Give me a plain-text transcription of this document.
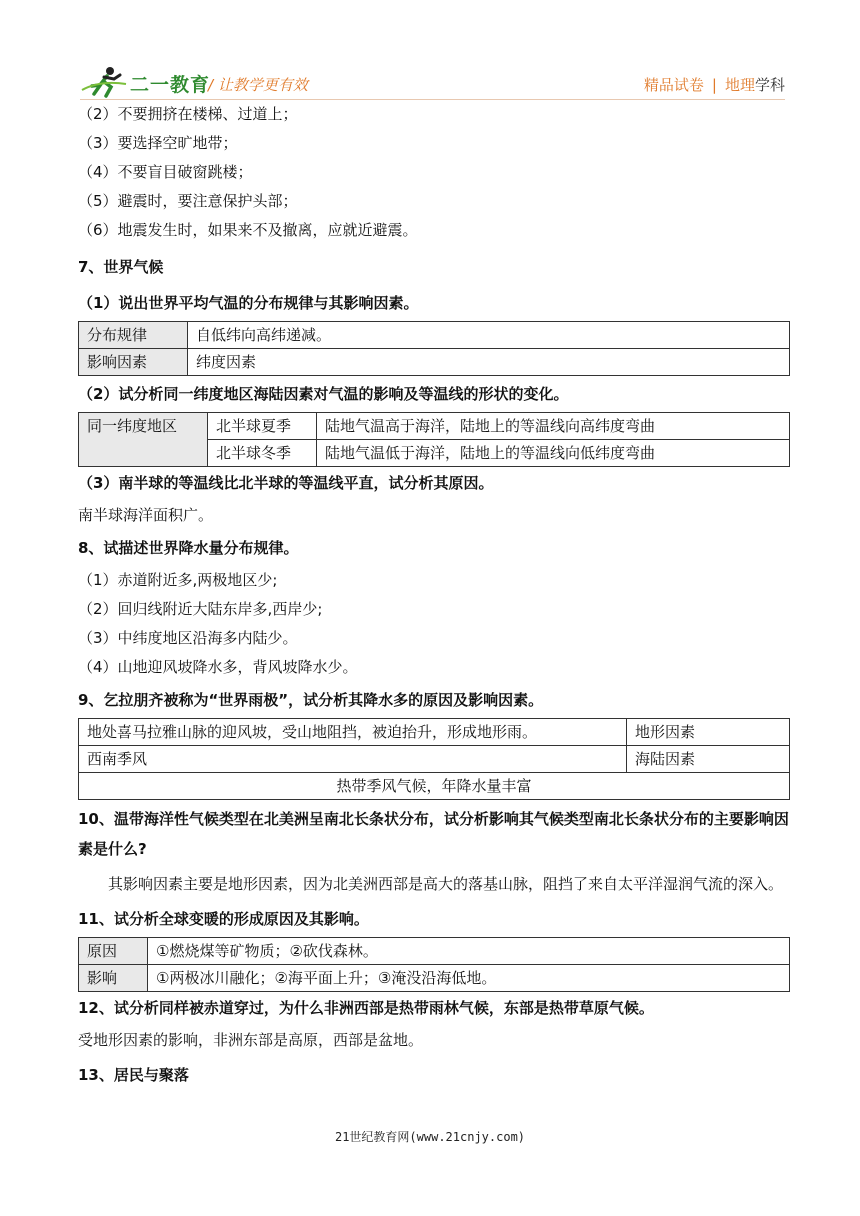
二一教育
/ 让教学更有效	精品试卷 | 地理学科

（2）不要拥挤在楼梯、过道上；

（3）要选择空旷地带；

（4）不要盲目破窗跳楼；

（5）避震时，要注意保护头部；

（6）地震发生时，如果来不及撤离，应就近避震。

7、世界气候

（1）说出世界平均气温的分布规律与其影响因素。

分布规律	自低纬向高纬递减。
影响因素	纬度因素

（2）试分析同一纬度地区海陆因素对气温的影响及等温线的形状的变化。

同一纬度地区	北半球夏季	陆地气温高于海洋，陆地上的等温线向高纬度弯曲
	北半球冬季	陆地气温低于海洋，陆地上的等温线向低纬度弯曲

（3）南半球的等温线比北半球的等温线平直，试分析其原因。

南半球海洋面积广。

8、试描述世界降水量分布规律。

（1）赤道附近多,两极地区少;

（2）回归线附近大陆东岸多,西岸少;

（3）中纬度地区沿海多内陆少。

（4）山地迎风坡降水多，背风坡降水少。

9、乞拉朋齐被称为“世界雨极”，试分析其降水多的原因及影响因素。

地处喜马拉雅山脉的迎风坡，受山地阻挡，被迫抬升，形成地形雨。	地形因素
西南季风	海陆因素
热带季风气候，年降水量丰富	

10、温带海洋性气候类型在北美洲呈南北长条状分布，试分析影响其气候类型南北长条状分布的主要影响因素是什么?

其影响因素主要是地形因素，因为北美洲西部是高大的落基山脉，阻挡了来自太平洋湿润气流的深入。

11、试分析全球变暖的形成原因及其影响。

原因	①燃烧煤等矿物质；②砍伐森林。
影响	①两极冰川融化；②海平面上升；③淹没沿海低地。

12、试分析同样被赤道穿过，为什么非洲西部是热带雨林气候，东部是热带草原气候。

受地形因素的影响，非洲东部是高原，西部是盆地。

13、居民与聚落

21世纪教育网(www.21cnjy.com)
